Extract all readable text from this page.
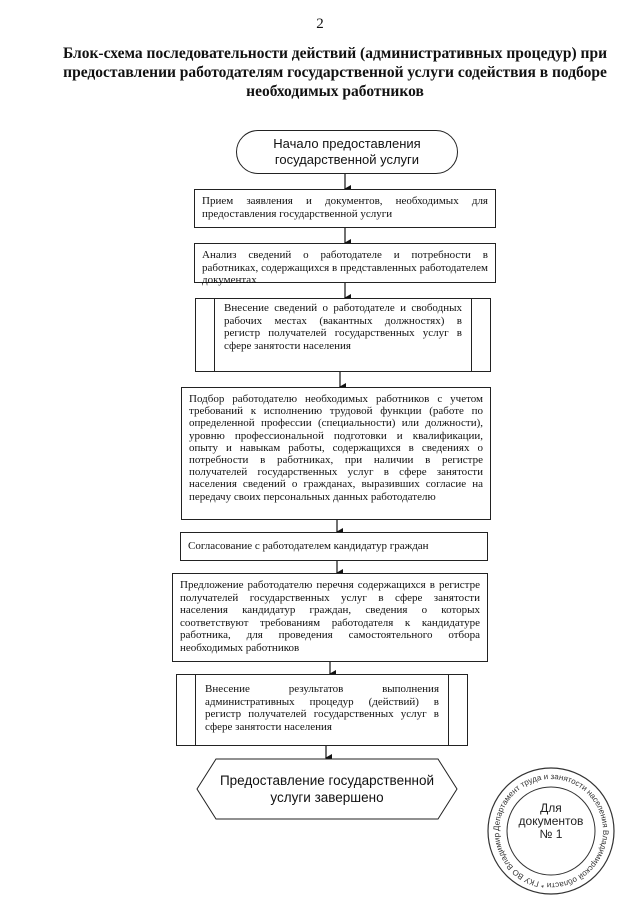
2
Блок-схема последовательности действий (административных процедур) при
предоставлении работодателям государственной услуги содействия в подборе
необходимых работников
Начало предоставления
государственной услуги
Прием заявления и документов, необходимых для предоставления государственной услуги
Анализ сведений о работодателе и потребности в работниках, содержащихся в представленных работодателем документах
Внесение сведений о работодателе и свободных рабочих местах (вакантных должностях) в регистр получателей государственных услуг в сфере занятости населения
Подбор работодателю необходимых работников с учетом требований к исполнению трудовой функции (работе по определенной профессии (специальности) или должности), уровню профессиональной подготовки и квалификации, опыту и навыкам работы, содержащихся в сведениях о потребности в работниках, при наличии в регистре получателей государственных услуг в сфере занятости населения сведений о гражданах, выразивших согласие на передачу своих персональных данных работодателю
Согласование с работодателем кандидатур граждан
Предложение работодателю перечня содержащихся в регистре получателей государственных услуг в сфере занятости населения кандидатур граждан, сведения о которых соответствуют требованиям работодателя к кандидатуре работника, для проведения самостоятельного отбора необходимых работников
Внесение результатов выполнения административных процедур (действий) в регистр получателей государственных услуг в сфере занятости населения
Предоставление государственной
услуги завершено
Департамент труда и занятости населения Владимирской области * ГКУ ВО Владимир
Для
документов
№ 1
